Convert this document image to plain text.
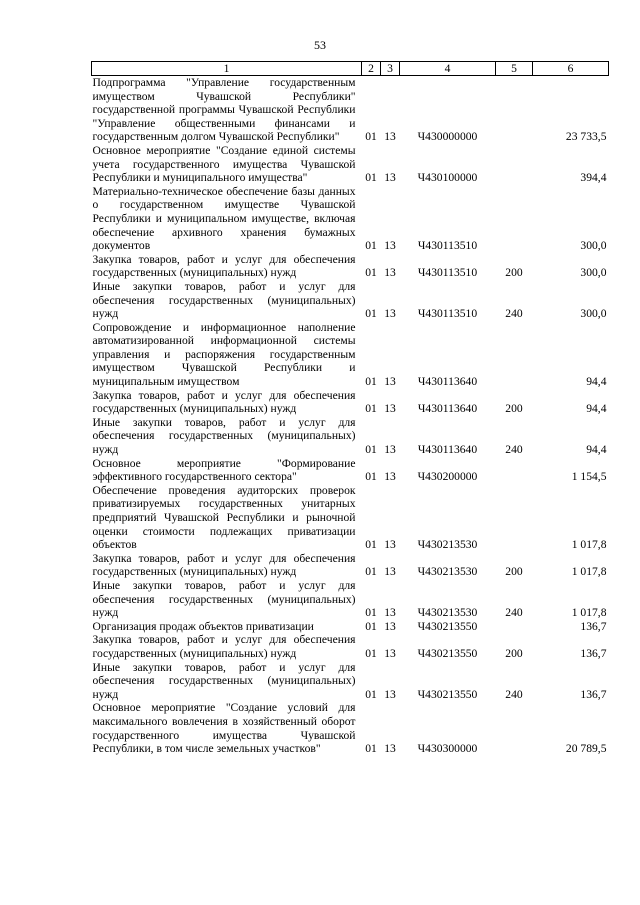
53
1	2	3	4	5	6
Подпрограмма "Управление государственным имуществом Чувашской Республики" государственной программы Чувашской Республики "Управление общественными финансами и государственным долгом Чувашской Республики"	01	13	Ч430000000		23 733,5
Основное мероприятие "Создание единой системы учета государственного имущества Чувашской Республики и муниципального имущества"	01	13	Ч430100000		394,4
Материально-техническое обеспечение базы данных о государственном имуществе Чувашской Республики и муниципальном имуществе, включая обеспечение архивного хранения бумажных документов	01	13	Ч430113510		300,0
Закупка товаров, работ и услуг для обеспечения государственных (муниципальных) нужд	01	13	Ч430113510	200	300,0
Иные закупки товаров, работ и услуг для обеспечения государственных (муниципальных) нужд	01	13	Ч430113510	240	300,0
Сопровождение и информационное наполнение автоматизированной информационной системы управления и распоряжения государственным имуществом Чувашской Республики и муниципальным имуществом	01	13	Ч430113640		94,4
Закупка товаров, работ и услуг для обеспечения государственных (муниципальных) нужд	01	13	Ч430113640	200	94,4
Иные закупки товаров, работ и услуг для обеспечения государственных (муниципальных) нужд	01	13	Ч430113640	240	94,4
Основное мероприятие "Формирование эффективного государственного сектора"	01	13	Ч430200000		1 154,5
Обеспечение проведения аудиторских проверок приватизируемых государственных унитарных предприятий Чувашской Республики и рыночной оценки стоимости подлежащих приватизации объектов	01	13	Ч430213530		1 017,8
Закупка товаров, работ и услуг для обеспечения государственных (муниципальных) нужд	01	13	Ч430213530	200	1 017,8
Иные закупки товаров, работ и услуг для обеспечения государственных (муниципальных) нужд	01	13	Ч430213530	240	1 017,8
Организация продаж объектов приватизации	01	13	Ч430213550		136,7
Закупка товаров, работ и услуг для обеспечения государственных (муниципальных) нужд	01	13	Ч430213550	200	136,7
Иные закупки товаров, работ и услуг для обеспечения государственных (муниципальных) нужд	01	13	Ч430213550	240	136,7
Основное мероприятие "Создание условий для максимального вовлечения в хозяйственный оборот государственного имущества Чувашской Республики, в том числе земельных участков"	01	13	Ч430300000		20 789,5
